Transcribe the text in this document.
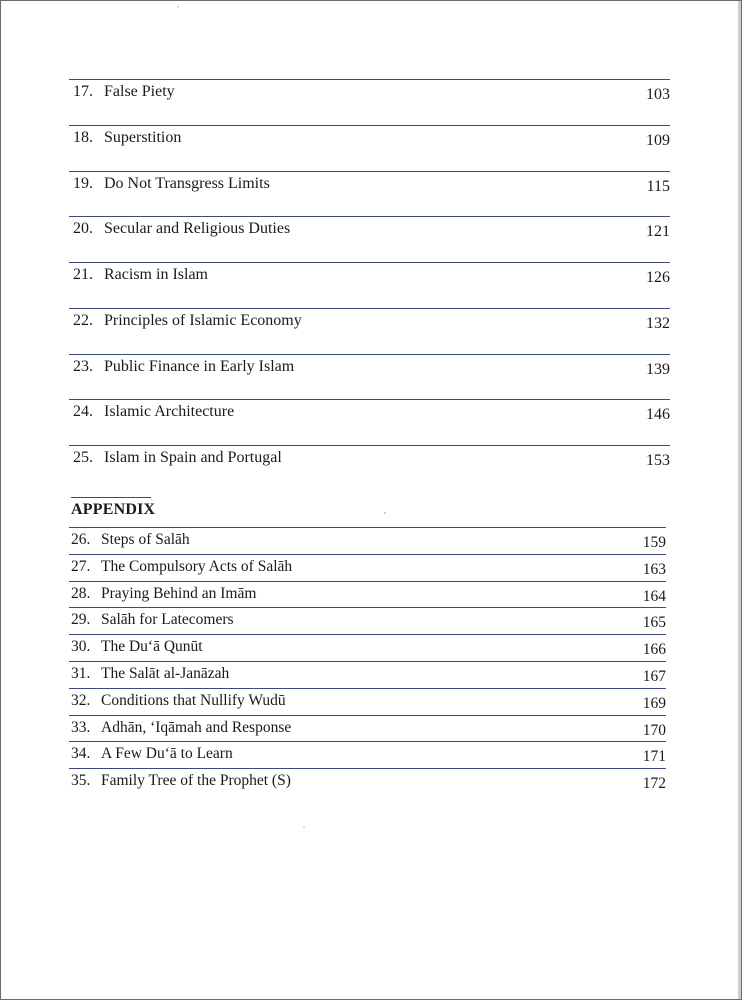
17. False Piety	103
18. Superstition	109
19. Do Not Transgress Limits	115
20. Secular and Religious Duties	121
21. Racism in Islam	126
22. Principles of Islamic Economy	132
23. Public Finance in Early Islam	139
24. Islamic Architecture	146
25. Islam in Spain and Portugal	153
APPENDIX
26. Steps of Salāh	159
27. The Compulsory Acts of Salāh	163
28. Praying Behind an Imām	164
29. Salāh for Latecomers	165
30. The Du‘ā Qunūt	166
31. The Salāt al-Janāzah	167
32. Conditions that Nullify Wudū	169
33. Adhān, ‘Iqāmah and Response	170
34. A Few Du‘ā to Learn	171
35. Family Tree of the Prophet (S)	172
